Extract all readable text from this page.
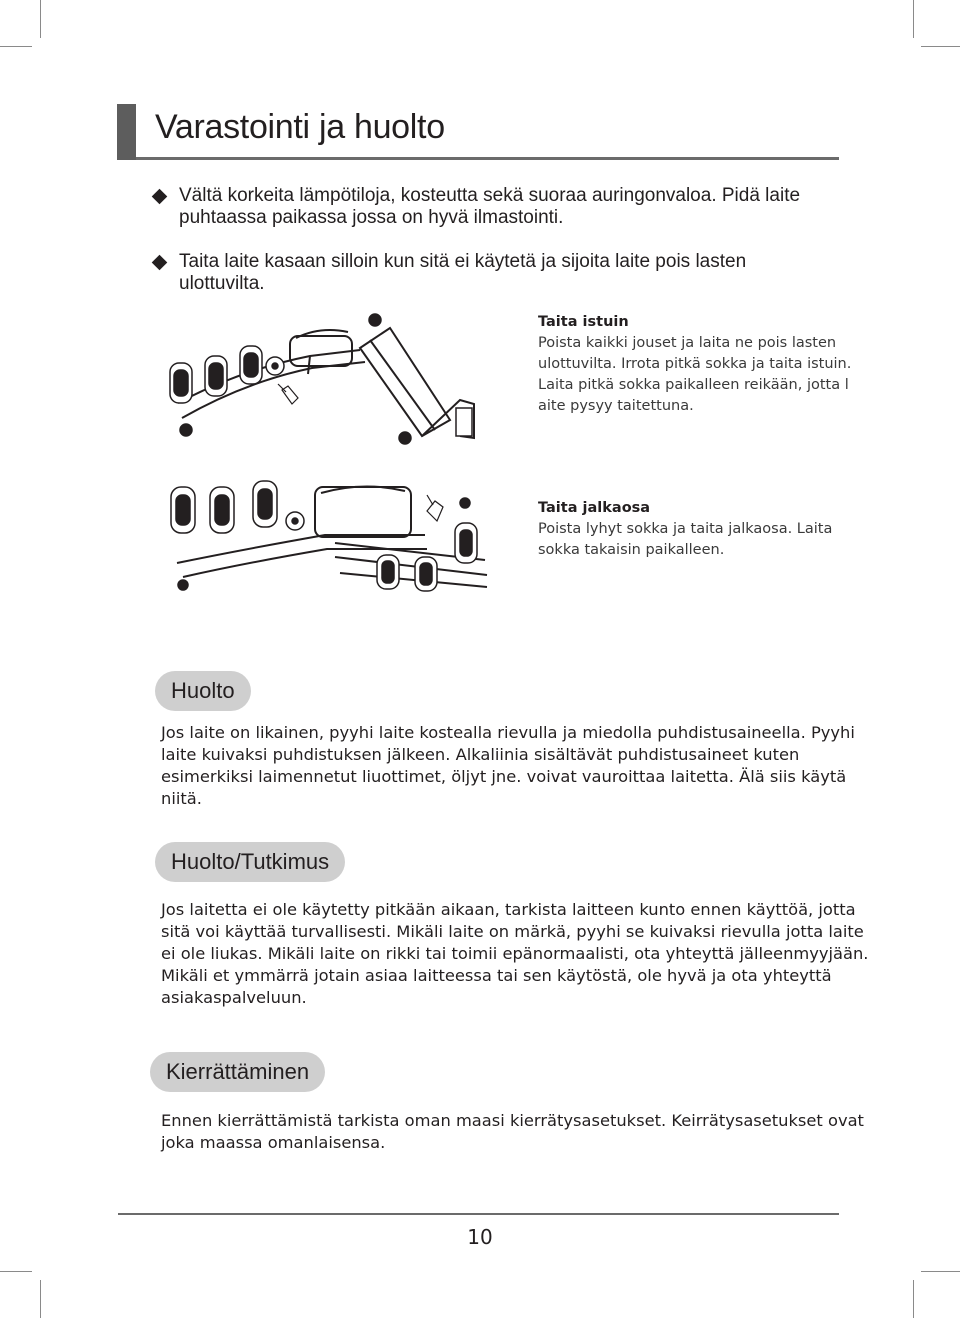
Varastointi ja huolto
Vältä korkeita lämpötiloja, kosteutta sekä suoraa auringonvaloa. Pidä laite puhtaassa paikassa jossa on hyvä ilmastointi.
Taita laite kasaan silloin kun sitä ei käytetä ja sijoita laite pois lasten ulottuvilta.
Taita istuin
Poista kaikki jouset ja laita ne pois lasten ulottuvilta. Irrota pitkä sokka ja taita istuin. Laita pitkä sokka paikalleen reikään, jotta l aite pysyy taitettuna.
Taita jalkaosa
Poista lyhyt sokka ja taita jalkaosa. Laita sokka takaisin paikalleen.
Huolto
Jos laite on likainen, pyyhi laite kostealla rievulla ja miedolla puhdistusaineella. Pyyhi laite kuivaksi puhdistuksen jälkeen. Alkaliinia sisältävät puhdistusaineet kuten esimerkiksi laimennetut liuottimet, öljyt jne. voivat vauroittaa laitetta. Älä siis käytä niitä.
Huolto/Tutkimus
Jos laitetta ei ole käytetty pitkään aikaan, tarkista laitteen kunto ennen käyttöä, jotta sitä voi käyttää turvallisesti. Mikäli laite on märkä, pyyhi se kuivaksi rievulla jotta laite ei ole liukas. Mikäli laite on rikki tai toimii epänormaalisti, ota yhteyttä jälleenmyyjään. Mikäli et ymmärrä jotain asiaa laitteessa tai sen käytöstä, ole hyvä ja ota yhteyttä asiakaspalveluun.
Kierrättäminen
Ennen kierrättämistä tarkista oman maasi kierrätysasetukset. Keirrätysasetukset ovat joka maassa omanlaisensa.
10
